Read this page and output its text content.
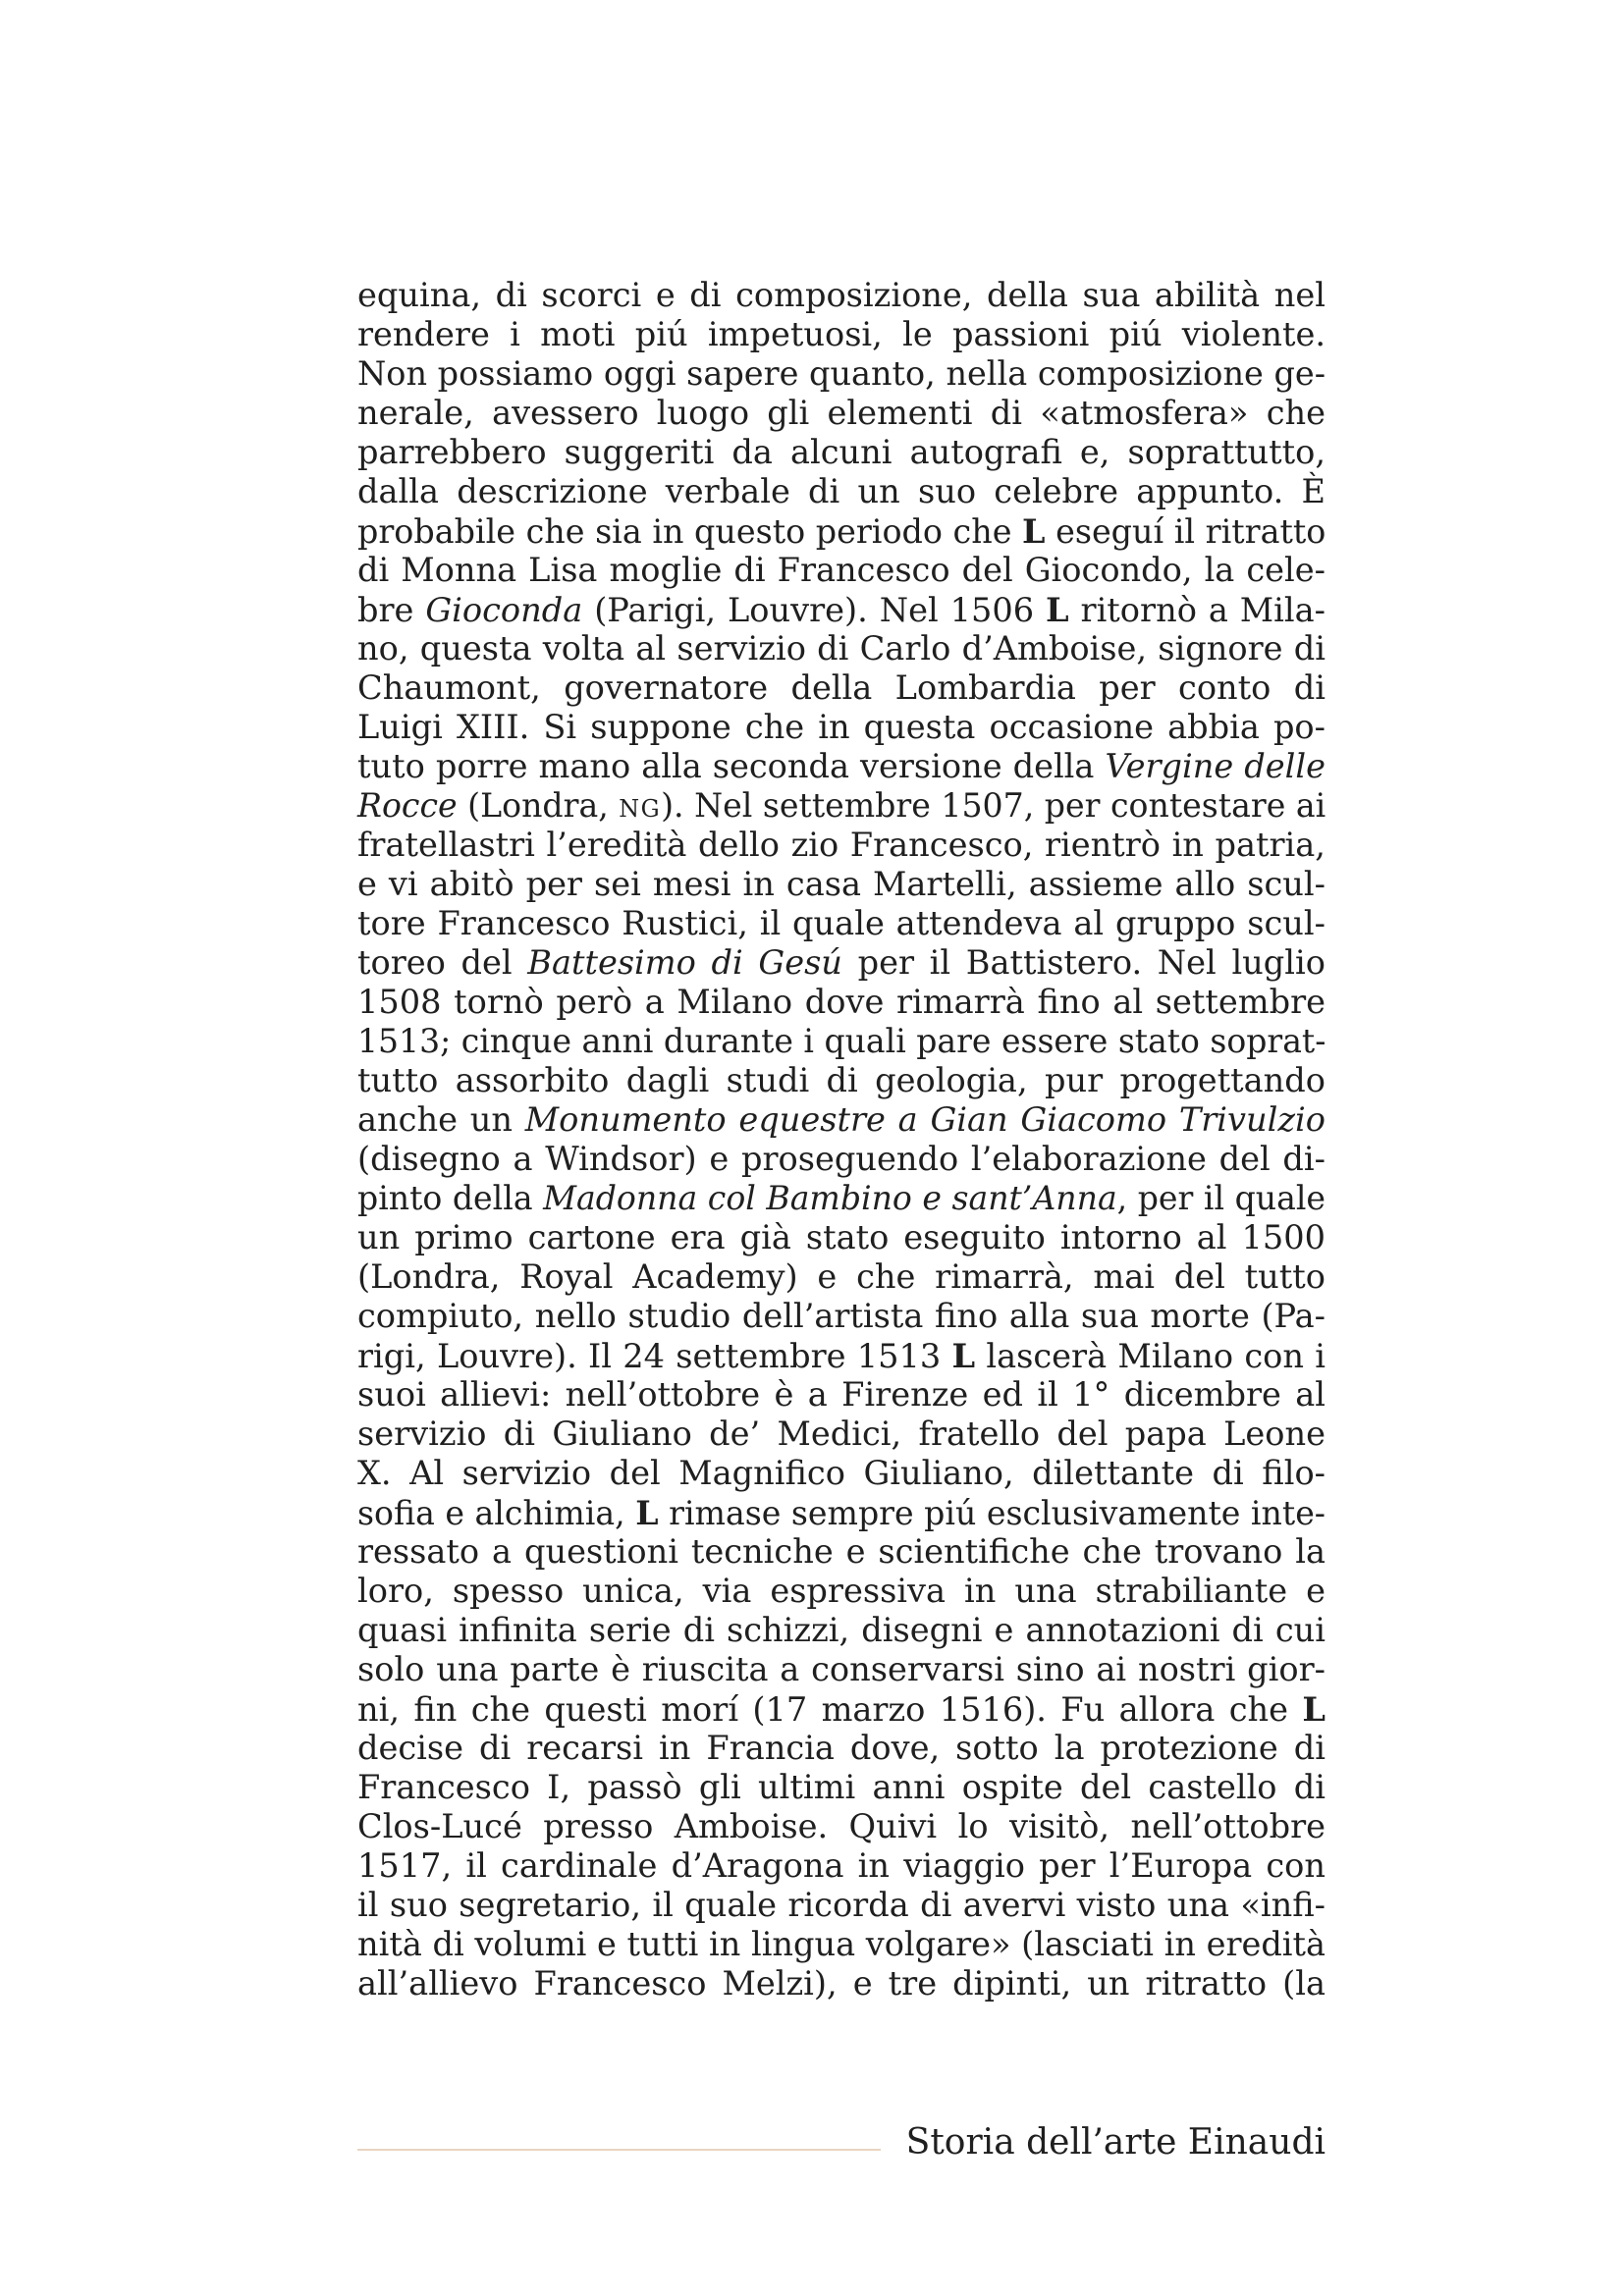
equina, di scorci e di composizione, della sua abilità nel
rendere i moti piú impetuosi, le passioni piú violente.
Non possiamo oggi sapere quanto, nella composizione ge-
nerale, avessero luogo gli elementi di «atmosfera» che
parrebbero suggeriti da alcuni autografi e, soprattutto,
dalla descrizione verbale di un suo celebre appunto. È
probabile che sia in questo periodo che L eseguí il ritratto
di Monna Lisa moglie di Francesco del Giocondo, la cele-
bre Gioconda (Parigi, Louvre). Nel 1506 L ritornò a Mila-
no, questa volta al servizio di Carlo d’Amboise, signore di
Chaumont, governatore della Lombardia per conto di
Luigi XIII. Si suppone che in questa occasione abbia po-
tuto porre mano alla seconda versione della Vergine delle
Rocce (Londra, NG). Nel settembre 1507, per contestare ai
fratellastri l’eredità dello zio Francesco, rientrò in patria,
e vi abitò per sei mesi in casa Martelli, assieme allo scul-
tore Francesco Rustici, il quale attendeva al gruppo scul-
toreo del Battesimo di Gesú per il Battistero. Nel luglio
1508 tornò però a Milano dove rimarrà fino al settembre
1513; cinque anni durante i quali pare essere stato soprat-
tutto assorbito dagli studi di geologia, pur progettando
anche un Monumento equestre a Gian Giacomo Trivulzio
(disegno a Windsor) e proseguendo l’elaborazione del di-
pinto della Madonna col Bambino e sant’Anna, per il quale
un primo cartone era già stato eseguito intorno al 1500
(Londra, Royal Academy) e che rimarrà, mai del tutto
compiuto, nello studio dell’artista fino alla sua morte (Pa-
rigi, Louvre). Il 24 settembre 1513 L lascerà Milano con i
suoi allievi: nell’ottobre è a Firenze ed il 1° dicembre al
servizio di Giuliano de’ Medici, fratello del papa Leone
X. Al servizio del Magnifico Giuliano, dilettante di filo-
sofia e alchimia, L rimase sempre piú esclusivamente inte-
ressato a questioni tecniche e scientifiche che trovano la
loro, spesso unica, via espressiva in una strabiliante e
quasi infinita serie di schizzi, disegni e annotazioni di cui
solo una parte è riuscita a conservarsi sino ai nostri gior-
ni, fin che questi morí (17 marzo 1516). Fu allora che L
decise di recarsi in Francia dove, sotto la protezione di
Francesco I, passò gli ultimi anni ospite del castello di
Clos-Lucé presso Amboise. Quivi lo visitò, nell’ottobre
1517, il cardinale d’Aragona in viaggio per l’Europa con
il suo segretario, il quale ricorda di avervi visto una «infi-
nità di volumi e tutti in lingua volgare» (lasciati in eredità
all’allievo Francesco Melzi), e tre dipinti, un ritratto (la
Storia dell’arte Einaudi
